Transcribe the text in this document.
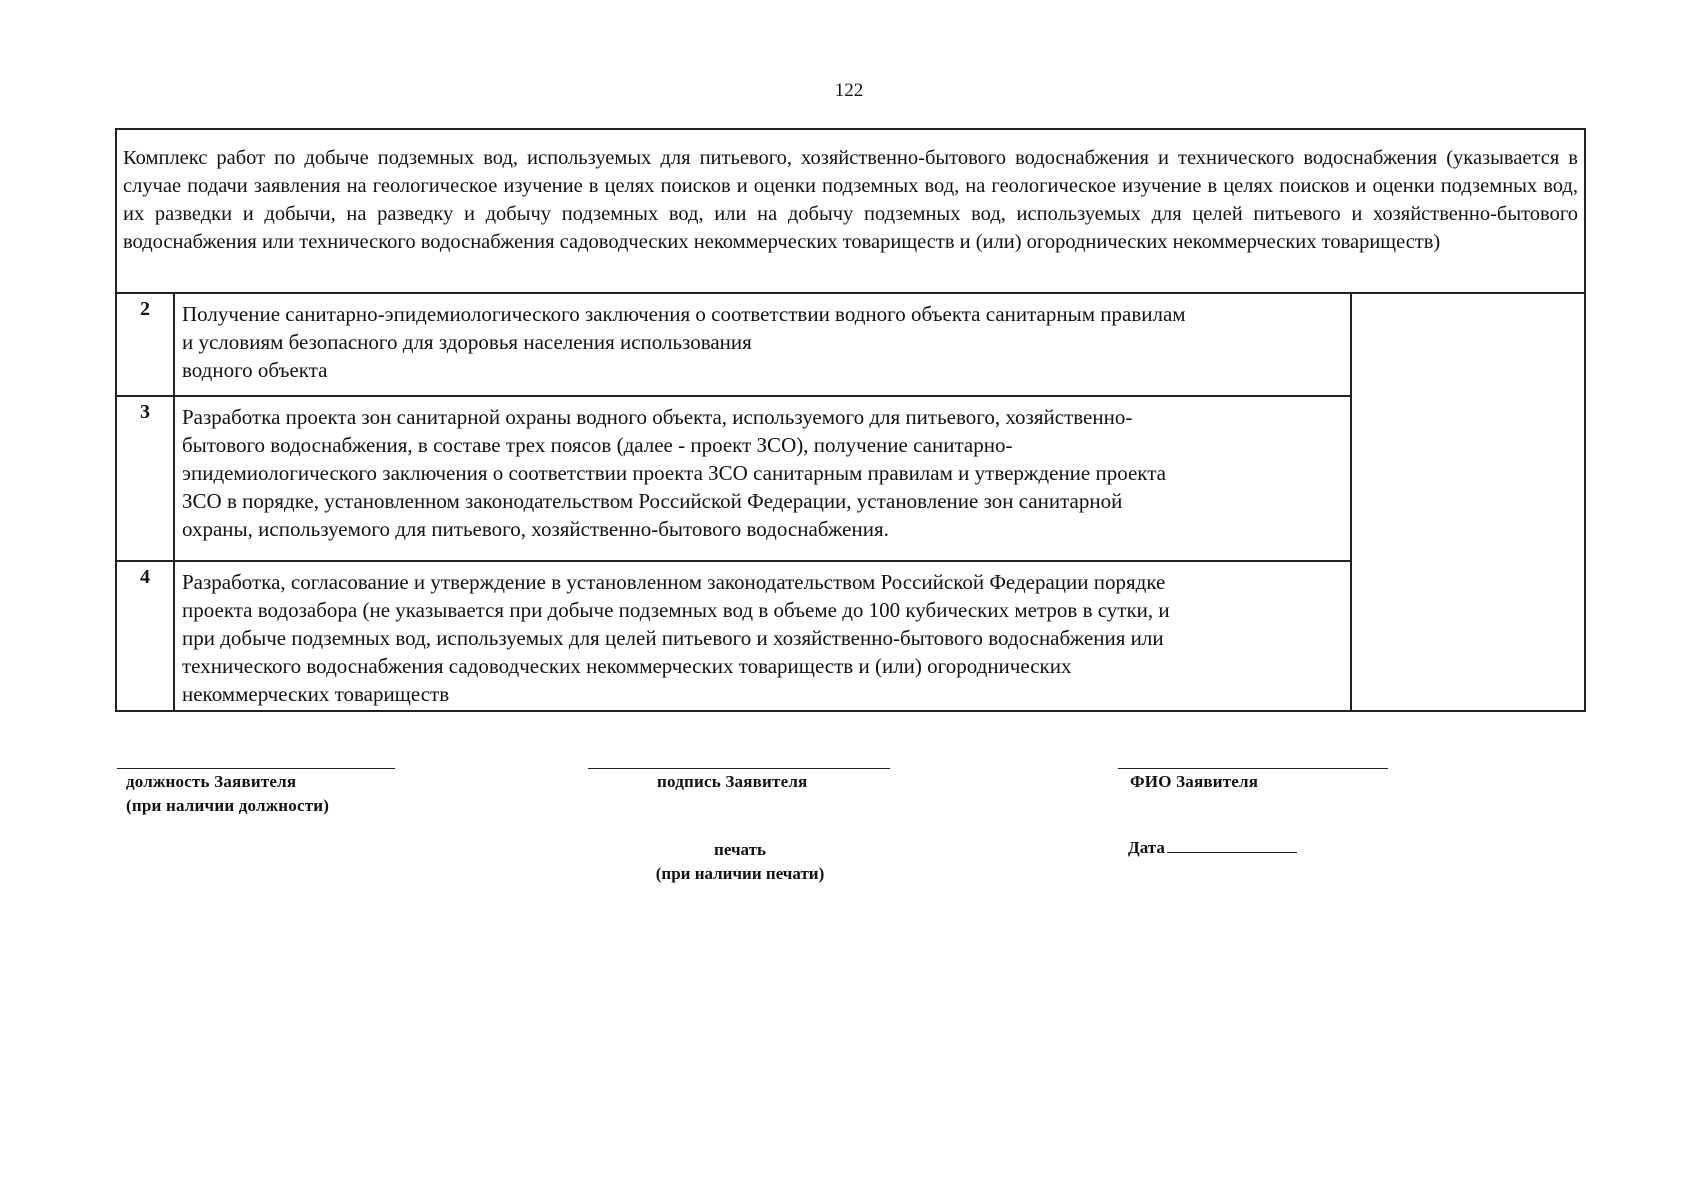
122
Комплекс работ по добыче подземных вод, используемых для питьевого, хозяйственно-бытового водоснабжения и технического водоснабжения (указывается в случае подачи заявления на геологическое изучение в целях поисков и оценки подземных вод, на геологическое изучение в целях поисков и оценки подземных вод, их разведки и добычи, на разведку и добычу подземных вод, или на добычу подземных вод, используемых для целей питьевого и хозяйственно-бытового водоснабжения или технического водоснабжения садоводческих некоммерческих товариществ и (или) огороднических некоммерческих товариществ)
2	Получение санитарно-эпидемиологического заключения о соответствии водного объекта санитарным правилам
и условиям безопасного для здоровья населения использования
водного объекта
3	Разработка проекта зон санитарной охраны водного объекта, используемого для питьевого, хозяйственно-
бытового водоснабжения, в составе трех поясов (далее - проект ЗСО), получение санитарно-
эпидемиологического заключения о соответствии проекта ЗСО санитарным правилам и утверждение проекта
ЗСО в порядке, установленном законодательством Российской Федерации, установление зон санитарной
охраны, используемого для питьевого, хозяйственно-бытового водоснабжения.
4	Разработка, согласование и утверждение в установленном законодательством Российской Федерации порядке
проекта водозабора (не указывается при добыче подземных вод в объеме до 100 кубических метров в сутки, и
при добыче подземных вод, используемых для целей питьевого и хозяйственно-бытового водоснабжения или
технического водоснабжения садоводческих некоммерческих товариществ и (или) огороднических
некоммерческих товариществ
должность Заявителя
(при наличии должности)
подпись Заявителя	ФИО Заявителя
печать
(при наличии печати)
Дата
